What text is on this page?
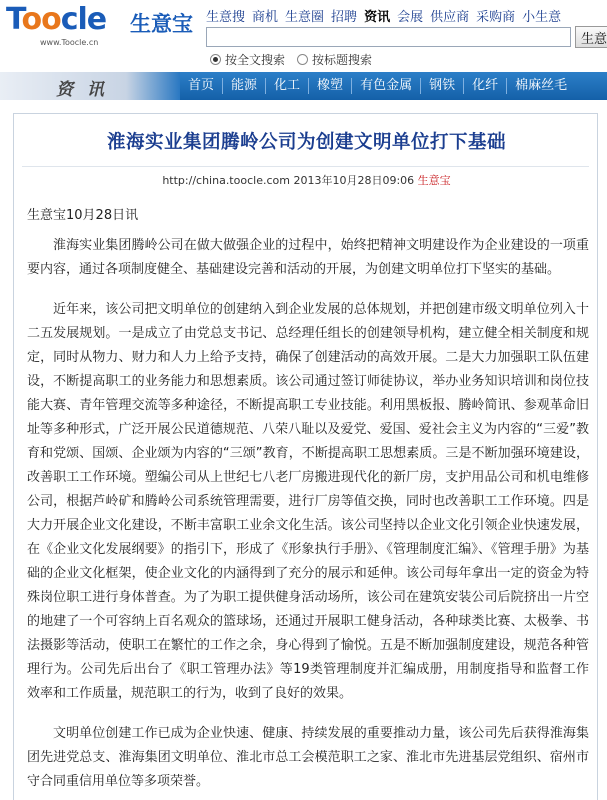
Toocle 生意宝
www.Toocle.cn
生意搜 商机 生意圈 招聘 资讯 会展 供应商 采购商 小生意
生意
按全文搜索 按标题搜索
资 讯	首页	能源	化工	橡塑	有色金属	钢铁	化纤	棉麻丝毛
淮海实业集团腾岭公司为创建文明单位打下基础
http://china.toocle.com 2013年10月28日09:06 生意宝
生意宝10月28日讯

淮海实业集团腾岭公司在做大做强企业的过程中，始终把精神文明建设作为企业建设的一项重要内容，通过各项制度健全、基础建设完善和活动的开展，为创建文明单位打下坚实的基础。

近年来，该公司把文明单位的创建纳入到企业发展的总体规划，并把创建市级文明单位列入十二五发展规划。一是成立了由党总支书记、总经理任组长的创建领导机构，建立健全相关制度和规定，同时从物力、财力和人力上给予支持，确保了创建活动的高效开展。二是大力加强职工队伍建设，不断提高职工的业务能力和思想素质。该公司通过签订师徒协议，举办业务知识培训和岗位技能大赛、青年管理交流等多种途径，不断提高职工专业技能。利用黑板报、腾岭简讯、参观革命旧址等多种形式，广泛开展公民道德规范、八荣八耻以及爱党、爱国、爱社会主义为内容的“三爱”教育和党颂、国颂、企业颂为内容的“三颂”教育，不断提高职工思想素质。三是不断加强环境建设，改善职工工作环境。塑编公司从上世纪七八老厂房搬进现代化的新厂房，支护用品公司和机电维修公司，根据芦岭矿和腾岭公司系统管理需要，进行厂房等值交换，同时也改善职工工作环境。四是大力开展企业文化建设，不断丰富职工业余文化生活。该公司坚持以企业文化引领企业快速发展，在《企业文化发展纲要》的指引下，形成了《形象执行手册》、《管理制度汇编》、《管理手册》为基础的企业文化框架，使企业文化的内涵得到了充分的展示和延伸。该公司每年拿出一定的资金为特殊岗位职工进行身体普查。为了为职工提供健身活动场所，该公司在建筑安装公司后院挤出一片空的地建了一个可容纳上百名观众的篮球场，还通过开展职工健身活动，各种球类比赛、太极拳、书法摄影等活动，使职工在繁忙的工作之余，身心得到了愉悦。五是不断加强制度建设，规范各种管理行为。公司先后出台了《职工管理办法》等19类管理制度并汇编成册，用制度指导和监督工作效率和工作质量，规范职工的行为，收到了良好的效果。

文明单位创建工作已成为企业快速、健康、持续发展的重要推动力量，该公司先后获得淮海集团先进党总支、淮海集团文明单位、淮北市总工会模范职工之家、淮北市先进基层党组织、宿州市守合同重信用单位等多项荣誉。
